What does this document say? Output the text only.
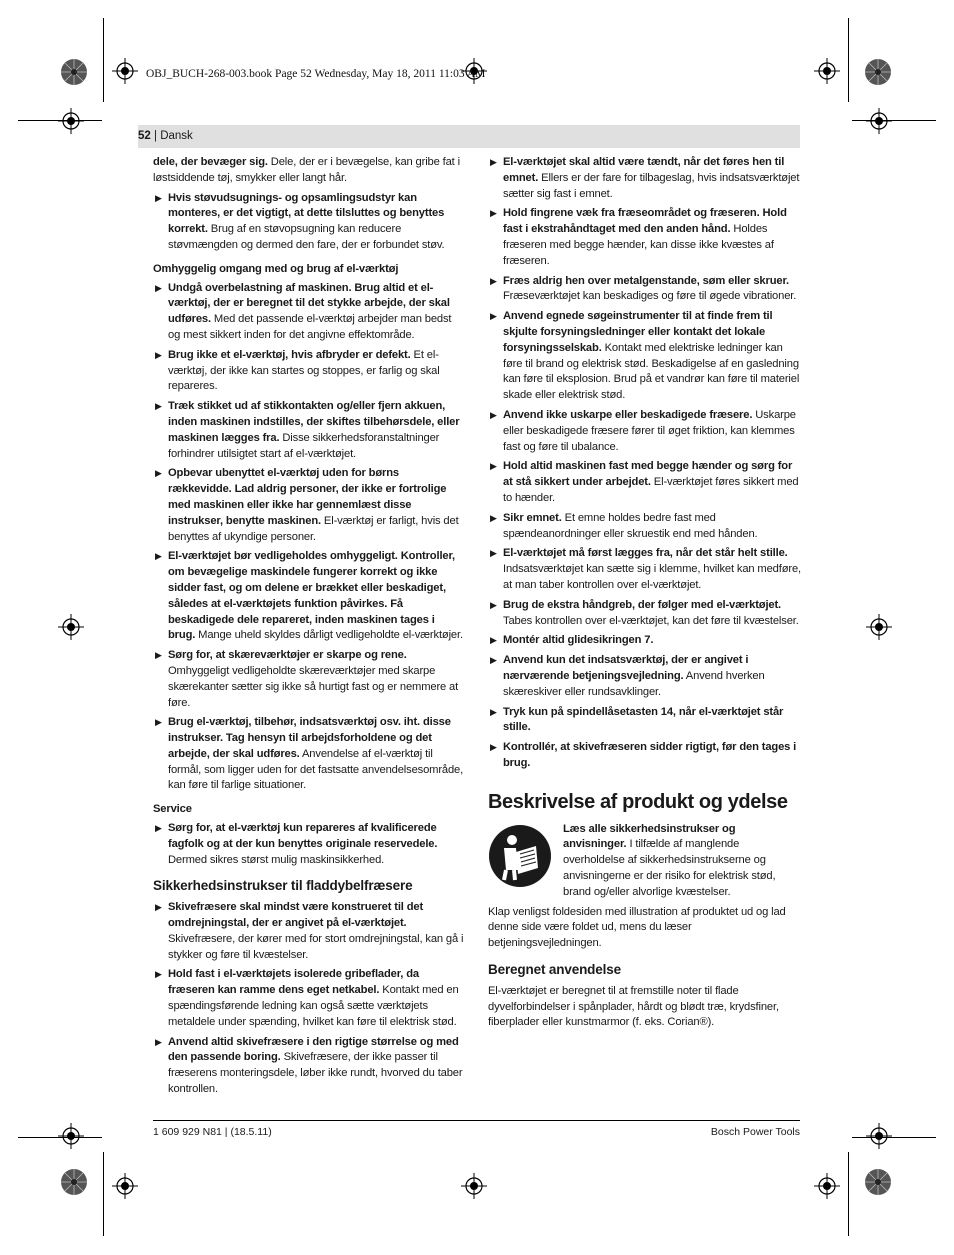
OBJ_BUCH-268-003.book Page 52 Wednesday, May 18, 2011 11:03 AM
52 | Dansk

dele, der bevæger sig. Dele, der er i bevægelse, kan gribe fat i løstsiddende tøj, smykker eller langt hår.

▶ Hvis støvudsugnings- og opsamlingsudstyr kan monteres, er det vigtigt, at dette tilsluttes og benyttes korrekt. Brug af en støvopsugning kan reducere støvmængden og dermed den fare, der er forbundet støv.
Omhyggelig omgang med og brug af el-værktøj
▶ Undgå overbelastning af maskinen. Brug altid et el-værktøj, der er beregnet til det stykke arbejde, der skal udføres. Med det passende el-værktøj arbejder man bedst og mest sikkert inden for det angivne effektområde.
▶ Brug ikke et el-værktøj, hvis afbryder er defekt. Et el-værktøj, der ikke kan startes og stoppes, er farlig og skal repareres.
▶ Træk stikket ud af stikkontakten og/eller fjern akkuen, inden maskinen indstilles, der skiftes tilbehørsdele, eller maskinen lægges fra. Disse sikkerhedsforanstaltninger forhindrer utilsigtet start af el-værktøjet.
▶ Opbevar ubenyttet el-værktøj uden for børns rækkevidde. Lad aldrig personer, der ikke er fortrolige med maskinen eller ikke har gennemlæst disse instrukser, benytte maskinen. El-værktøj er farligt, hvis det benyttes af ukyndige personer.
▶ El-værktøjet bør vedligeholdes omhyggeligt. Kontroller, om bevægelige maskindele fungerer korrekt og ikke sidder fast, og om delene er brækket eller beskadiget, således at el-værktøjets funktion påvirkes. Få beskadigede dele repareret, inden maskinen tages i brug. Mange uheld skyldes dårligt vedligeholdte el-værktøjer.
▶ Sørg for, at skæreværktøjer er skarpe og rene. Omhyggeligt vedligeholdte skæreværktøjer med skarpe skærekanter sætter sig ikke så hurtigt fast og er nemmere at føre.
▶ Brug el-værktøj, tilbehør, indsatsværktøj osv. iht. disse instrukser. Tag hensyn til arbejdsforholdene og det arbejde, der skal udføres. Anvendelse af el-værktøj til formål, som ligger uden for det fastsatte anvendelsesområde, kan føre til farlige situationer.
Service
▶ Sørg for, at el-værktøj kun repareres af kvalificerede fagfolk og at der kun benyttes originale reservedele. Dermed sikres størst mulig maskinsikkerhed.
Sikkerhedsinstrukser til fladdybelfræsere
▶ Skivefræsere skal mindst være konstrueret til det omdrejningstal, der er angivet på el-værktøjet. Skivefræsere, der kører med for stort omdrejningstal, kan gå i stykker og føre til kvæstelser.
▶ Hold fast i el-værktøjets isolerede gribeflader, da fræseren kan ramme dens eget netkabel. Kontakt med en spændingsførende ledning kan også sætte værktøjets metaldele under spænding, hvilket kan føre til elektrisk stød.
▶ Anvend altid skivefræsere i den rigtige størrelse og med den passende boring. Skivefræsere, der ikke passer til fræserens monteringsdele, løber ikke rundt, hvorved du taber kontrollen.
▶ El-værktøjet skal altid være tændt, når det føres hen til emnet. Ellers er der fare for tilbageslag, hvis indsatsværktøjet sætter sig fast i emnet.
▶ Hold fingrene væk fra fræseområdet og fræseren. Hold fast i ekstrahåndtaget med den anden hånd. Holdes fræseren med begge hænder, kan disse ikke kvæstes af fræseren.
▶ Fræs aldrig hen over metalgenstande, søm eller skruer. Fræseværktøjet kan beskadiges og føre til øgede vibrationer.
▶ Anvend egnede søgeinstrumenter til at finde frem til skjulte forsyningsledninger eller kontakt det lokale forsyningsselskab. Kontakt med elektriske ledninger kan føre til brand og elektrisk stød. Beskadigelse af en gasledning kan føre til eksplosion. Brud på et vandrør kan føre til materiel skade eller elektrisk stød.
▶ Anvend ikke uskarpe eller beskadigede fræsere. Uskarpe eller beskadigede fræsere fører til øget friktion, kan klemmes fast og føre til ubalance.
▶ Hold altid maskinen fast med begge hænder og sørg for at stå sikkert under arbejdet. El-værktøjet føres sikkert med to hænder.
▶ Sikr emnet. Et emne holdes bedre fast med spændeanordninger eller skruestik end med hånden.
▶ El-værktøjet må først lægges fra, når det står helt stille. Indsatsværktøjet kan sætte sig i klemme, hvilket kan medføre, at man taber kontrollen over el-værktøjet.
▶ Brug de ekstra håndgreb, der følger med el-værktøjet. Tabes kontrollen over el-værktøjet, kan det føre til kvæstelser.
▶ Montér altid glidesikringen 7.
▶ Anvend kun det indsatsværktøj, der er angivet i nærværende betjeningsvejledning. Anvend hverken skæreskiver eller rundsavklinger.
▶ Tryk kun på spindellåsetasten 14, når el-værktøjet står stille.
▶ Kontrollér, at skivefræseren sidder rigtigt, før den tages i brug.
Beskrivelse af produkt og ydelse

Læs alle sikkerhedsinstrukser og anvisninger. I tilfælde af manglende overholdelse af sikkerhedsinstrukserne og anvisningerne er der risiko for elektrisk stød, brand og/eller alvorlige kvæstelser.

Klap venligst foldesiden med illustration af produktet ud og lad denne side være foldet ud, mens du læser betjeningsvejledningen.

Beregnet anvendelse

El-værktøjet er beregnet til at fremstille noter til flade dyvelforbindelser i spånplader, hårdt og blødt træ, krydsfiner, fiberplader eller kunstmarmor (f. eks. Corian®).

1 609 929 N81 | (18.5.11)	Bosch Power Tools
